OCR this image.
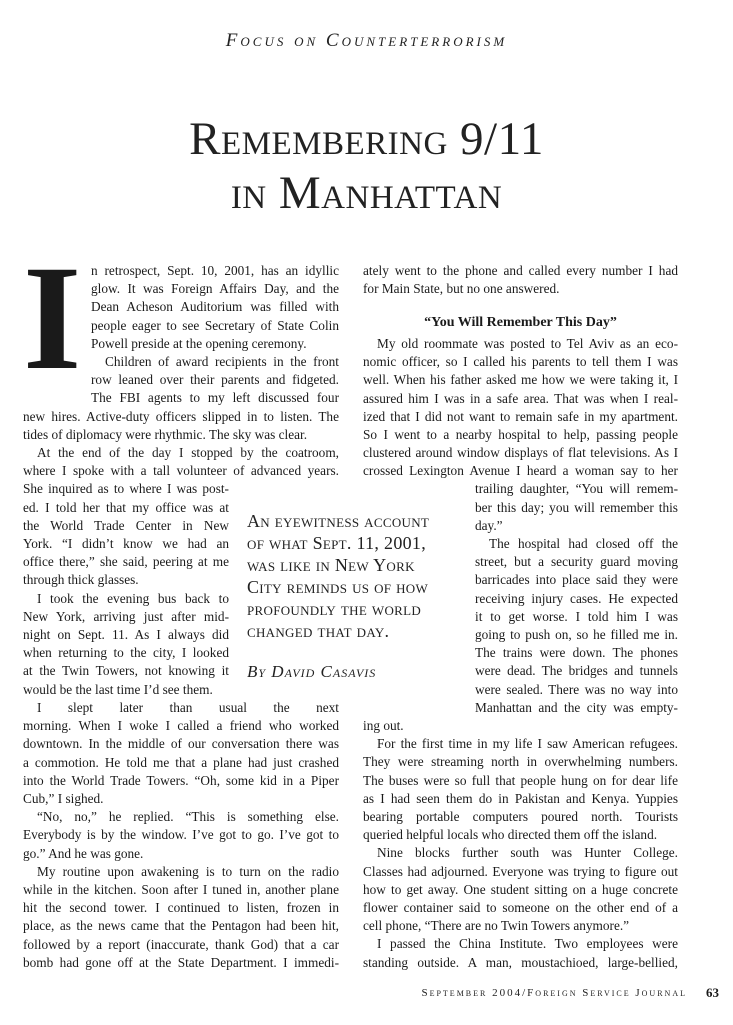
Focus on Counterterrorism
Remembering 9/11
in Manhattan
I n retrospect, Sept. 10, 2001, has an idyllic
glow. It was Foreign Affairs Day, and the
Dean Acheson Auditorium was filled with
people eager to see Secretary of State Colin
Powell preside at the opening ceremony.
Children of award recipients in the front
row leaned over their parents and fidgeted.
The FBI agents to my left discussed four
new hires. Active-duty officers slipped in to listen. The
tides of diplomacy were rhythmic. The sky was clear.
At the end of the day I stopped by the coatroom,
where I spoke with a tall volunteer of advanced years.
She inquired as to where I was post-
ed. I told her that my office was at
the World Trade Center in New
York. “I didn’t know we had an
office there,” she said, peering at me
through thick glasses.
I took the evening bus back to
New York, arriving just after mid-
night on Sept. 11. As I always did
when returning to the city, I looked
at the Twin Towers, not knowing it
would be the last time I’d see them.
I slept later than usual the next
morning. When I woke I called a friend who worked
downtown. In the middle of our conversation there was
a commotion. He told me that a plane had just crashed
into the World Trade Towers. “Oh, some kid in a Piper
Cub,” I sighed.
“No, no,” he replied. “This is something else.
Everybody is by the window. I’ve got to go. I’ve got to
go.” And he was gone.
My routine upon awakening is to turn on the radio
while in the kitchen. Soon after I tuned in, another plane
hit the second tower. I continued to listen, frozen in
place, as the news came that the Pentagon had been hit,
followed by a report (inaccurate, thank God) that a car
bomb had gone off at the State Department. I immedi-
ately went to the phone and called every number I had
for Main State, but no one answered.
“You Will Remember This Day”
My old roommate was posted to Tel Aviv as an eco-
nomic officer, so I called his parents to tell them I was
well. When his father asked me how we were taking it, I
assured him I was in a safe area. That was when I real-
ized that I did not want to remain safe in my apartment.
So I went to a nearby hospital to help, passing people
clustered around window displays of flat televisions. As I
crossed Lexington Avenue I heard a woman say to her
trailing daughter, “You will remem-
ber this day; you will remember this
day.”
The hospital had closed off the
street, but a security guard moving
barricades into place said they were
receiving injury cases. He expected
it to get worse. I told him I was
going to push on, so he filled me in.
The trains were down. The phones
were dead. The bridges and tunnels
were sealed. There was no way into
Manhattan and the city was empty-
ing out.
For the first time in my life I saw American refugees.
They were streaming north in overwhelming numbers.
The buses were so full that people hung on for dear life
as I had seen them do in Pakistan and Kenya. Yuppies
bearing portable computers poured north. Tourists
queried helpful locals who directed them off the island.
Nine blocks further south was Hunter College.
Classes had adjourned. Everyone was trying to figure out
how to get away. One student sitting on a huge concrete
flower container said to someone on the other end of a
cell phone, “There are no Twin Towers anymore.”
I passed the China Institute. Two employees were
standing outside. A man, moustachioed, large-bellied,
An eyewitness account
of what Sept. 11, 2001,
was like in New York
City reminds us of how
profoundly the world
changed that day.
By David Casavis
September 2004/Foreign Service Journal 63
